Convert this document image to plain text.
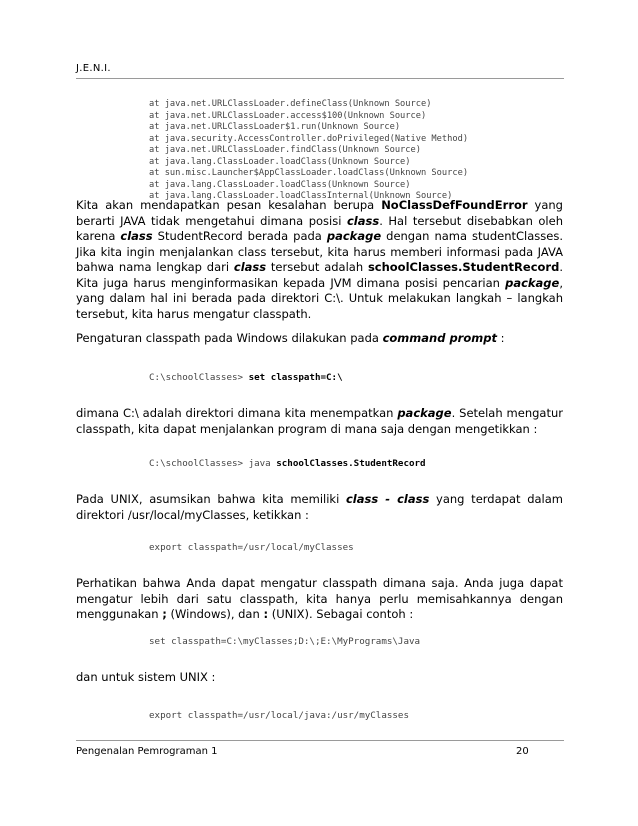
J.E.N.I.
at java.net.URLClassLoader.defineClass(Unknown Source)
at java.net.URLClassLoader.access$100(Unknown Source)
at java.net.URLClassLoader$1.run(Unknown Source)
at java.security.AccessController.doPrivileged(Native Method)
at java.net.URLClassLoader.findClass(Unknown Source)
at java.lang.ClassLoader.loadClass(Unknown Source)
at sun.misc.Launcher$AppClassLoader.loadClass(Unknown Source)
at java.lang.ClassLoader.loadClass(Unknown Source)
at java.lang.ClassLoader.loadClassInternal(Unknown Source)

Kita akan mendapatkan pesan kesalahan berupa NoClassDefFoundError yang berarti JAVA tidak mengetahui dimana posisi class. Hal tersebut disebabkan oleh karena class StudentRecord berada pada package dengan nama studentClasses. Jika kita ingin menjalankan class tersebut, kita harus memberi informasi pada JAVA bahwa nama lengkap dari class tersebut adalah schoolClasses.StudentRecord. Kita juga harus menginformasikan kepada JVM dimana posisi pencarian package, yang dalam hal ini berada pada direktori C:\. Untuk melakukan langkah – langkah tersebut, kita harus mengatur classpath.

Pengaturan classpath pada Windows dilakukan pada command prompt :

C:\schoolClasses> set classpath=C:\

dimana C:\ adalah direktori dimana kita menempatkan package. Setelah mengatur classpath, kita dapat menjalankan program di mana saja dengan mengetikkan :

C:\schoolClasses> java schoolClasses.StudentRecord

Pada UNIX, asumsikan bahwa kita memiliki class - class yang terdapat dalam direktori /usr/local/myClasses, ketikkan :

export classpath=/usr/local/myClasses

Perhatikan bahwa Anda dapat mengatur classpath dimana saja. Anda juga dapat mengatur lebih dari satu classpath, kita hanya perlu memisahkannya dengan menggunakan ; (Windows), dan : (UNIX). Sebagai contoh :

set classpath=C:\myClasses;D:\;E:\MyPrograms\Java

dan untuk sistem UNIX :

export classpath=/usr/local/java:/usr/myClasses
Pengenalan Pemrograman 1	20
